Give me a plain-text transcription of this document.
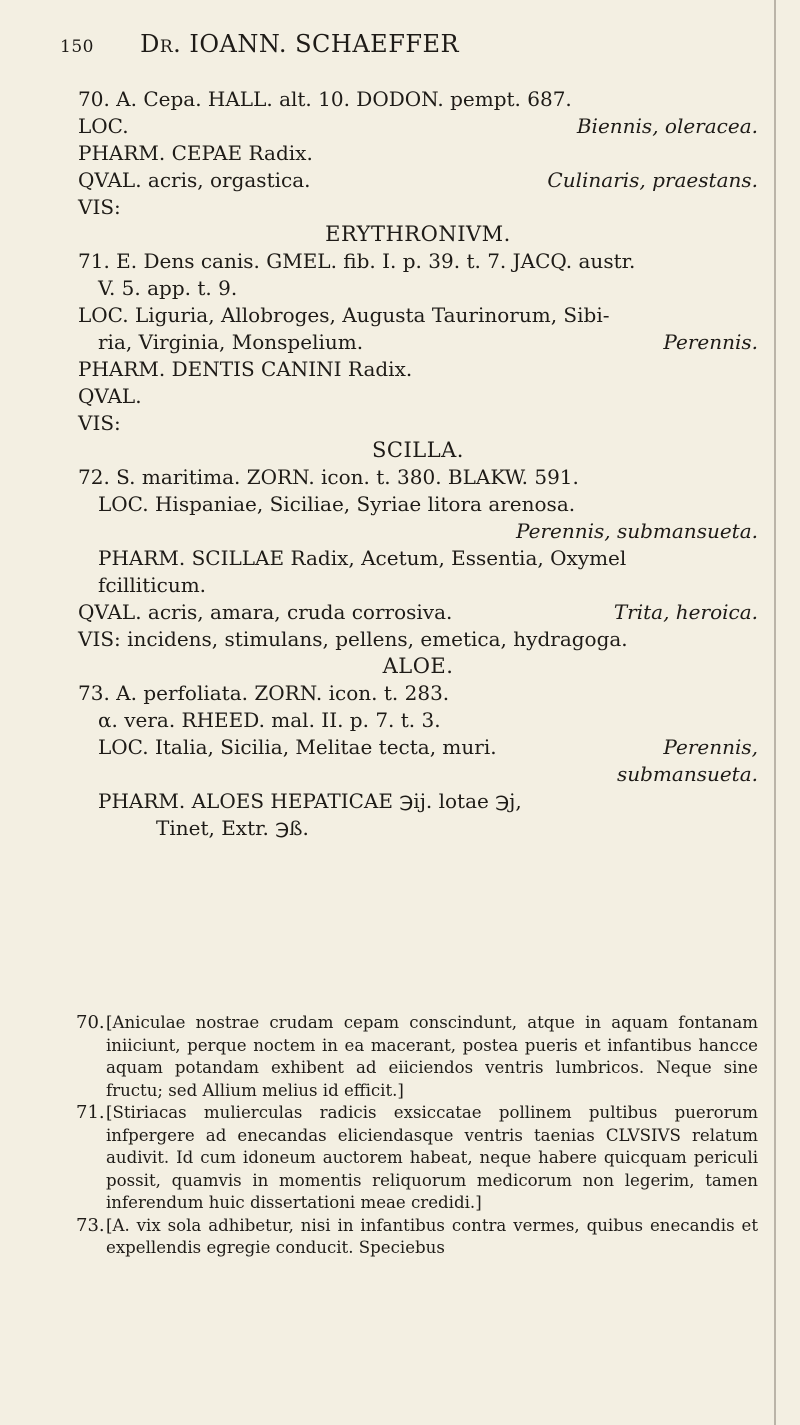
150 Dr. IOANN. SCHAEFFER
70. A. Cepa. HALL. alt. 10. DODON. pempt. 687.
LOC.	Biennis, oleracea.
PHARM. CEPAE Radix.
QVAL. acris, orgastica.	Culinaris, praestans.
VIS:
ERYTHRONIVM.
71. E. Dens canis. GMEL. fib. I. p. 39. t. 7. JACQ. austr.
V. 5. app. t. 9.
LOC. Liguria, Allobroges, Augusta Taurinorum, Sibi-
ria, Virginia, Monspelium.	Perennis.
PHARM. DENTIS CANINI Radix.
QVAL.
VIS:
SCILLA.
72. S. maritima. ZORN. icon. t. 380. BLAKW. 591.
LOC. Hispaniae, Siciliae, Syriae litora arenosa.
Perennis, submansueta.
PHARM. SCILLAE Radix, Acetum, Essentia, Oxymel
fcilliticum.
QVAL. acris, amara, cruda corrosiva.	Trita, heroica.
VIS: incidens, stimulans, pellens, emetica, hydragoga.
ALOE.
73. A. perfoliata. ZORN. icon. t. 283.
α. vera. RHEED. mal. II. p. 7. t. 3.
LOC. Italia, Sicilia, Melitae tecta, muri.	Perennis,
submansueta.
PHARM. ALOES HEPATICAE ℈ij. lotae ℈j,
Tinet, Extr. ℈ß.
70. [Aniculae nostrae crudam cepam conscindunt, atque in aquam fontanam iniiciunt, perque noctem in ea macerant, postea pueris et infantibus hancce aquam potandam exhibent ad eiiciendos ventris lumbricos. Neque sine fructu; sed Allium melius id efficit.]

71. [Stiriacas mulierculas radicis exsiccatae pollinem pultibus puerorum infpergere ad enecandas eliciendasque ventris taenias CLVSIVS relatum audivit. Id cum idoneum auctorem habeat, neque habere quicquam periculi possit, quamvis in momentis reliquorum medicorum non legerim, tamen inferendum huic dissertationi meae credidi.]

73. [A. vix sola adhibetur, nisi in infantibus contra vermes, quibus enecandis et expellendis egregie conducit. Speciebus
